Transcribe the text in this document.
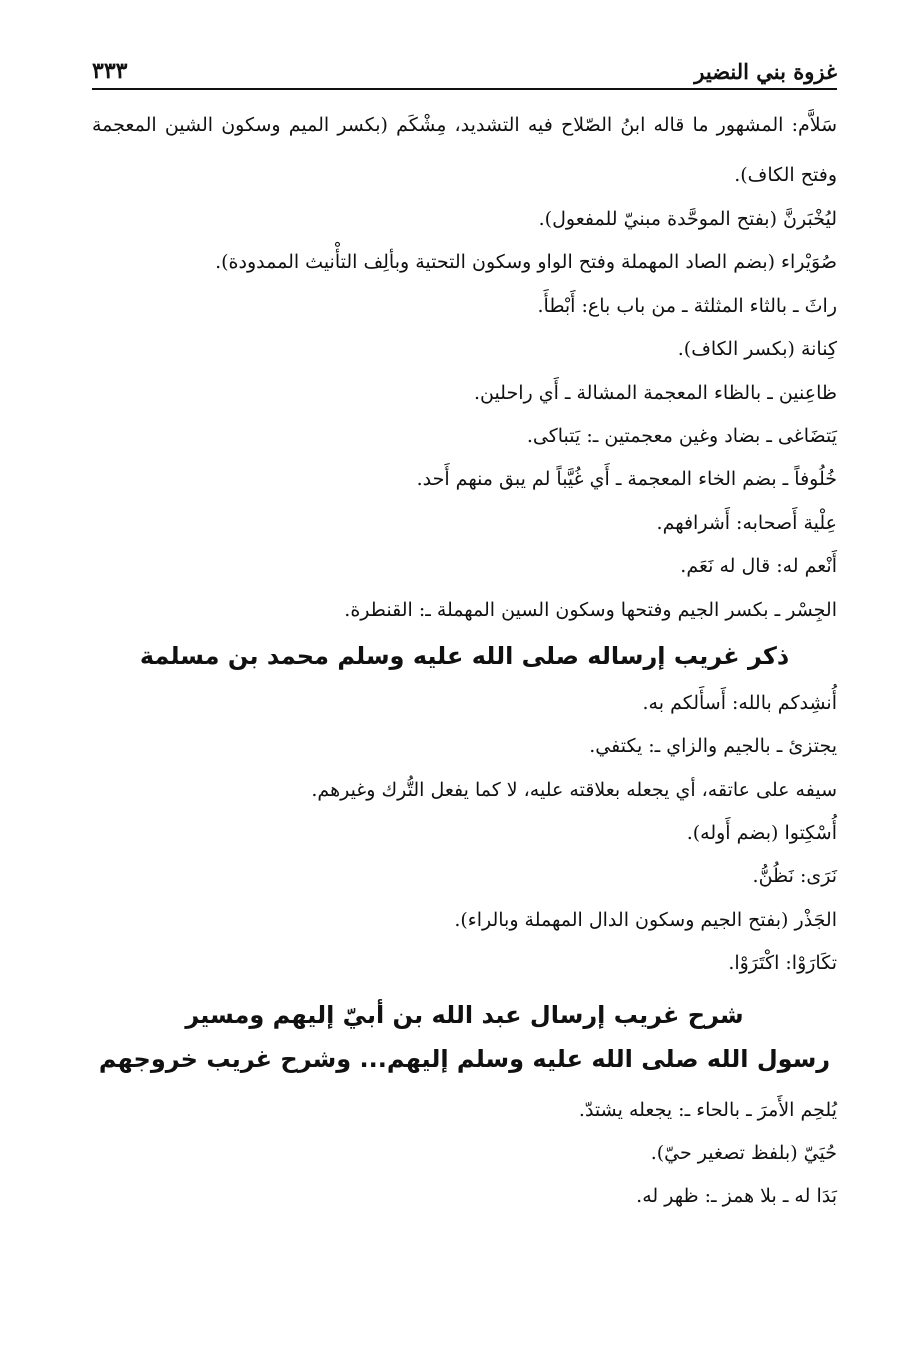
غزوة بني النضير
٣٣٣

سَلاَّم: المشهور ما قاله ابنُ الصّلاح فيه التشديد، مِشْكَم (بكسر الميم وسكون الشين المعجمة وفتح الكاف).

ليُخْبَرنَّ (بفتح الموحَّدة مبنيّ للمفعول).

صُوَيْراء (بضم الصاد المهملة وفتح الواو وسكون التحتية وبألِف التأْنيث الممدودة).

راثَ ـ بالثاء المثلثة ـ من باب باع: أَبْطأَ.

كِنانة (بكسر الكاف).

ظاعِنين ـ بالظاء المعجمة المشالة ـ أَي راحلين.

يَتضَاغى ـ بضاد وغين معجمتين ـ: يَتباكى.

خُلُوفاً ـ بضم الخاء المعجمة ـ أَي غُيَّباً لم يبق منهم أَحد.

عِلْية أَصحابه: أَشرافهم.

أَنْعم له: قال له نَعَم.

الجِسْر ـ بكسر الجيم وفتحها وسكون السين المهملة ـ: القنطرة.

ذكر غريب إرساله صلى الله عليه وسلم محمد بن مسلمة

أُنشِدكم بالله: أَسأَلكم به.

يجتزئ ـ بالجيم والزاي ـ: يكتفي.

سيفه على عاتقه، أي يجعله بعلاقته عليه، لا كما يفعل التُّرك وغيرهم.

أُسْكِتوا (بضم أَوله).

نَرَى: نَظُنُّ.

الجَذْر (بفتح الجيم وسكون الدال المهملة وبالراء).

تكَارَوْا: اكْتَرَوْا.

شرح غريب إرسال عبد الله بن أبيّ إليهم ومسير
رسول الله صلى الله عليه وسلم إليهم... وشرح غريب خروجهم

يُلحِم الأَمرَ ـ بالحاء ـ: يجعله يشتدّ.

حُيَيّ (بلفظ تصغير حيّ).

بَدَا له ـ بلا همز ـ: ظهر له.
